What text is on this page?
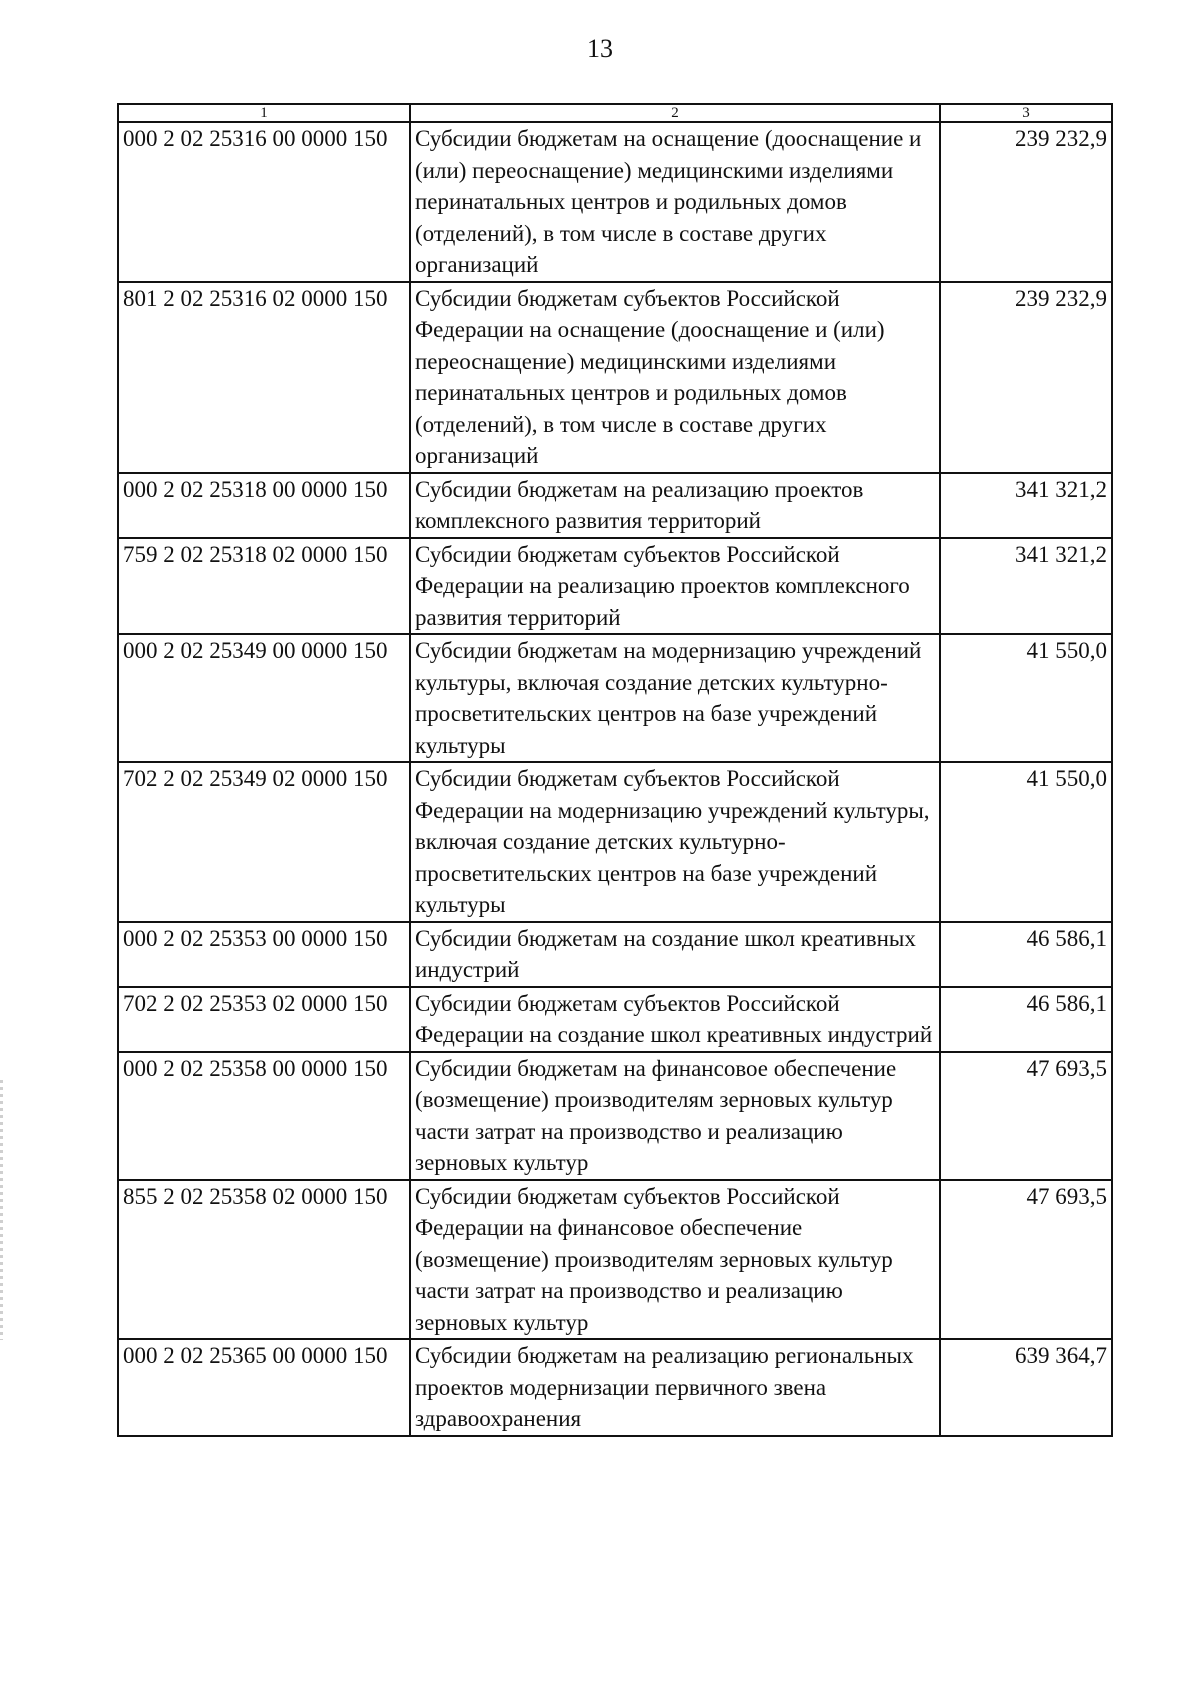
13
1	2	3
000 2 02 25316 00 0000 150	Субсидии бюджетам на оснащение (дооснащение и (или) переоснащение) медицинскими изделиями перинатальных центров и родильных домов (отделений), в том числе в составе других организаций	239 232,9
801 2 02 25316 02 0000 150	Субсидии бюджетам субъектов Российской Федерации на оснащение (дооснащение и (или) переоснащение) медицинскими изделиями перинатальных центров и родильных домов (отделений), в том числе в составе других организаций	239 232,9
000 2 02 25318 00 0000 150	Субсидии бюджетам на реализацию проектов комплексного развития территорий	341 321,2
759 2 02 25318 02 0000 150	Субсидии бюджетам субъектов Российской Федерации на реализацию проектов комплексного развития территорий	341 321,2
000 2 02 25349 00 0000 150	Субсидии бюджетам на модернизацию учреждений культуры, включая создание детских культурно-просветительских центров на базе учреждений культуры	41 550,0
702 2 02 25349 02 0000 150	Субсидии бюджетам субъектов Российской Федерации на модернизацию учреждений культуры, включая создание детских культурно-просветительских центров на базе учреждений культуры	41 550,0
000 2 02 25353 00 0000 150	Субсидии бюджетам на создание школ креативных индустрий	46 586,1
702 2 02 25353 02 0000 150	Субсидии бюджетам субъектов Российской Федерации на создание школ креативных индустрий	46 586,1
000 2 02 25358 00 0000 150	Субсидии бюджетам на финансовое обеспечение (возмещение) производителям зерновых культур части затрат на производство и реализацию зерновых культур	47 693,5
855 2 02 25358 02 0000 150	Субсидии бюджетам субъектов Российской Федерации на финансовое обеспечение (возмещение) производителям зерновых культур части затрат на производство и реализацию зерновых культур	47 693,5
000 2 02 25365 00 0000 150	Субсидии бюджетам на реализацию региональных проектов модернизации первичного звена здравоохранения	639 364,7
